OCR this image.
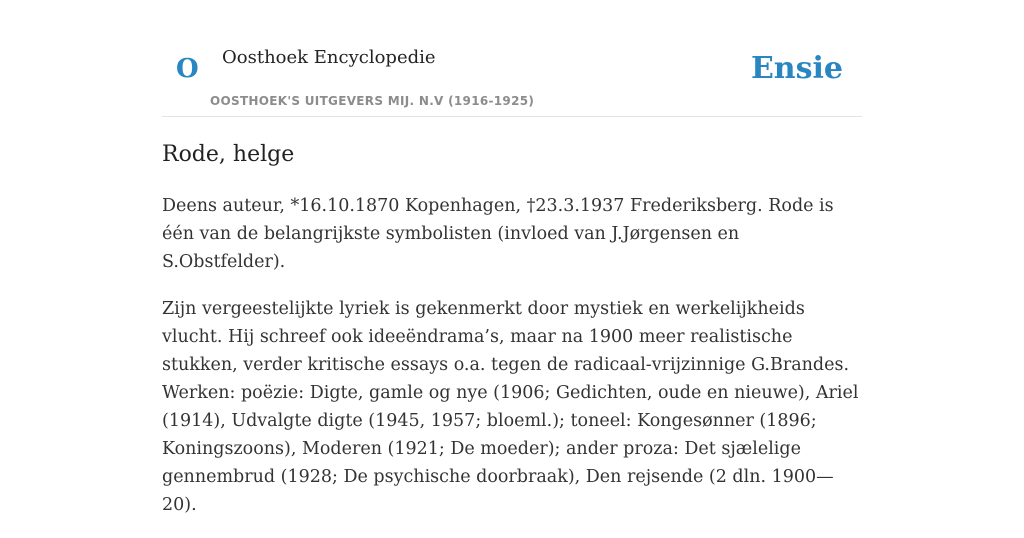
O Oosthoek Encyclopedie
OOSTHOEK'S UITGEVERS MIJ. N.V (1916-1925)
Ensie
Rode, helge

Deens auteur, *16.10.1870 Kopenhagen, †23.3.1937 Frederiksberg. Rode is één van de belangrijkste symbolisten (invloed van J.Jørgensen en S.Obstfelder).

Zijn vergeestelijkte lyriek is gekenmerkt door mystiek en werkelijkheids vlucht. Hij schreef ook ideeëndrama’s, maar na 1900 meer realistische stukken, verder kritische essays o.a. tegen de radicaal-vrijzinnige G.Brandes. Werken: poëzie: Digte, gamle og nye (1906; Gedichten, oude en nieuwe), Ariel (1914), Udvalgte digte (1945, 1957; bloeml.); toneel: Kongesønner (1896; Koningszoons), Moderen (1921; De moeder); ander proza: Det sjælelige gennembrud (1928; De psychische doorbraak), Den rejsende (2 dln. 1900—20).
